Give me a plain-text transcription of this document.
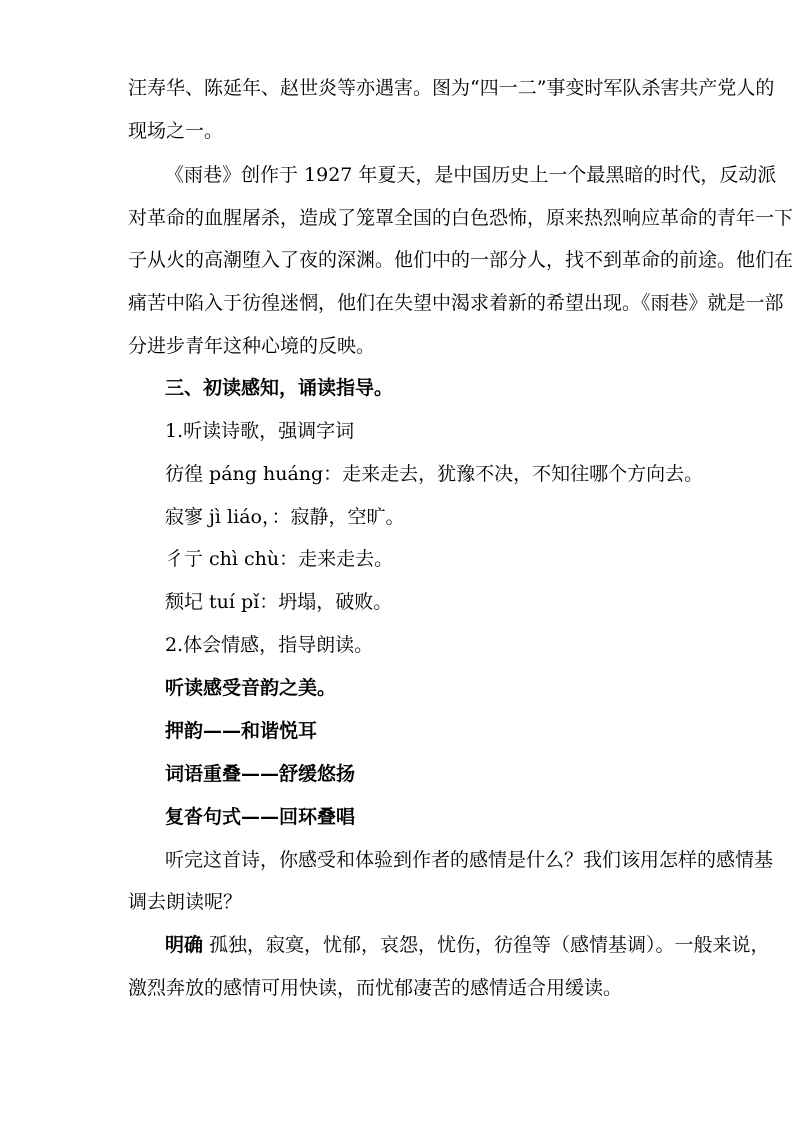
汪寿华、陈延年、赵世炎等亦遇害。图为“四一二”事变时军队杀害共产党人的
现场之一。
《雨巷》创作于 1927 年夏天，是中国历史上一个最黑暗的时代，反动派
对革命的血腥屠杀，造成了笼罩全国的白色恐怖，原来热烈响应革命的青年一下
子从火的高潮堕入了夜的深渊。他们中的一部分人，找不到革命的前途。他们在
痛苦中陷入于彷徨迷惘，他们在失望中渴求着新的希望出现。《雨巷》就是一部
分进步青年这种心境的反映。
三、初读感知，诵读指导。
1.听读诗歌，强调字词
彷徨 páng huáng：走来走去，犹豫不决，不知往哪个方向去。
寂寥 jì liáo，：寂静，空旷。
彳亍 chì chù：走来走去。
颓圮 tuí pǐ：坍塌，破败。
2.体会情感，指导朗读。
听读感受音韵之美。
押韵——和谐悦耳
词语重叠——舒缓悠扬
复沓句式——回环叠唱
听完这首诗，你感受和体验到作者的感情是什么？我们该用怎样的感情基
调去朗读呢？
明确 孤独，寂寞，忧郁，哀怨，忧伤，彷徨等（感情基调）。一般来说，
激烈奔放的感情可用快读，而忧郁凄苦的感情适合用缓读。
